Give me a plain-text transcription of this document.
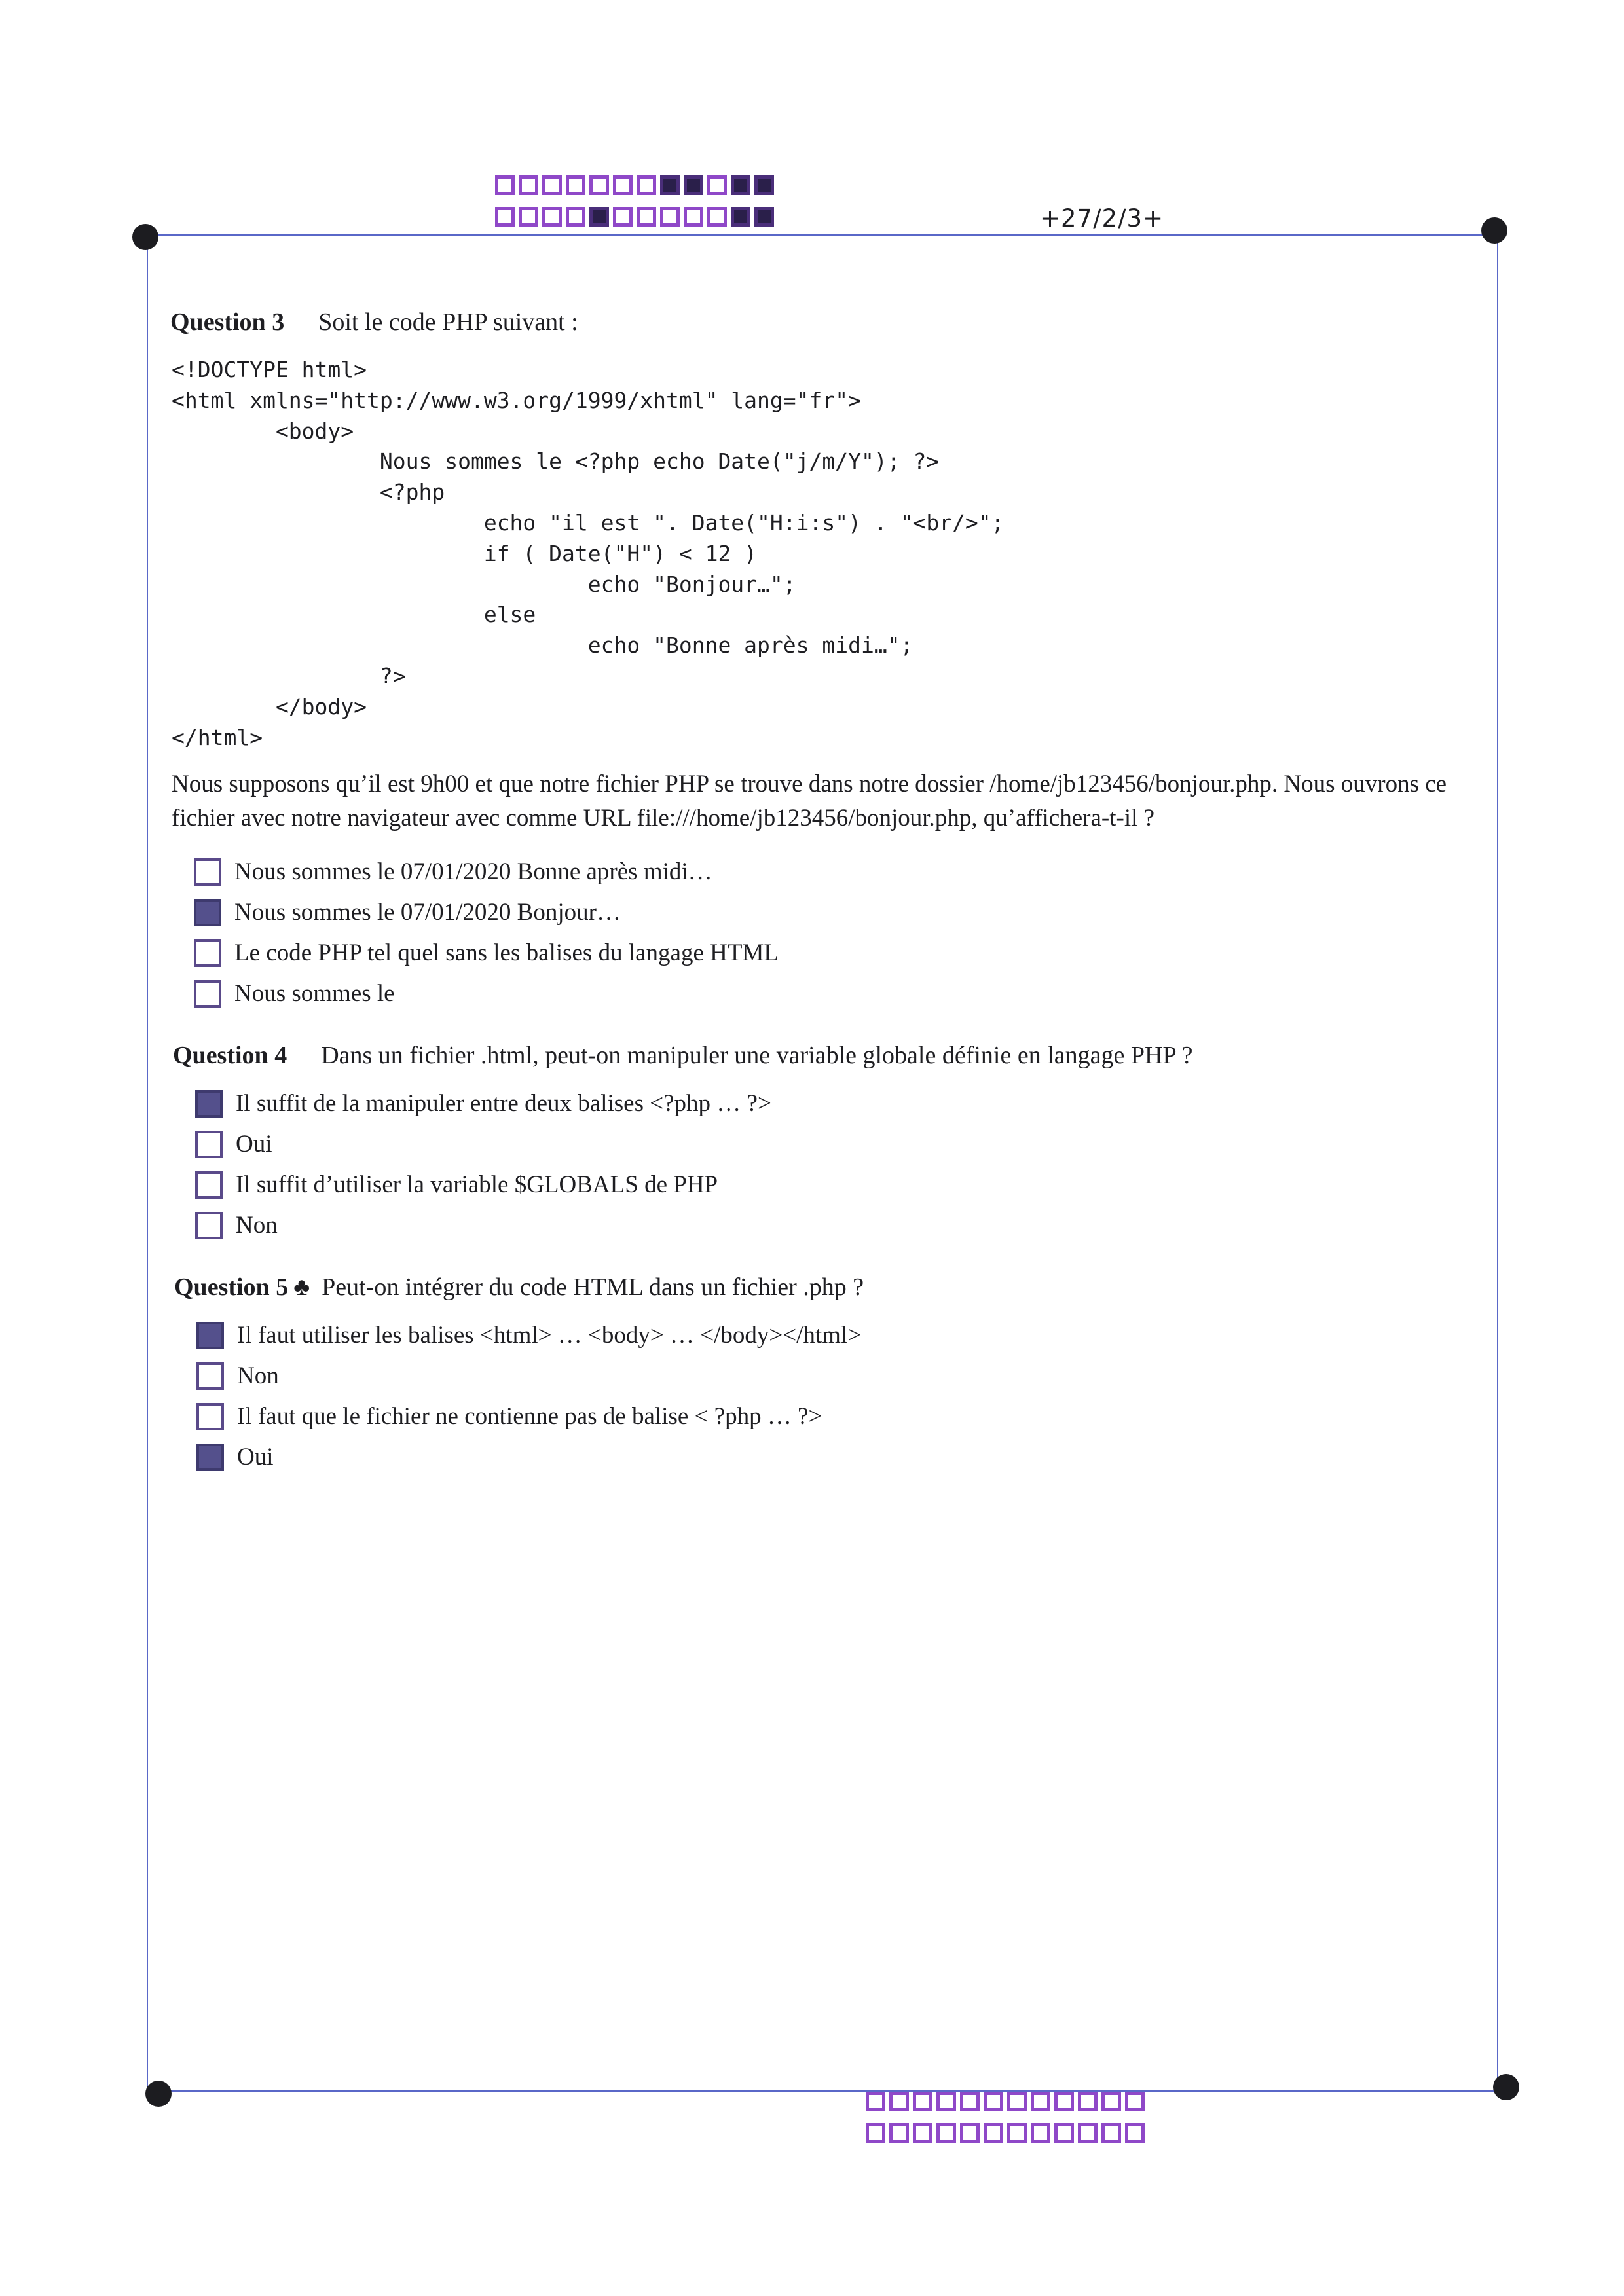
+27/2/3+
Question 3 Soit le code PHP suivant :
<!DOCTYPE html>
<html xmlns="http://www.w3.org/1999/xhtml" lang="fr">
<body>
Nous sommes le <?php echo Date("j/m/Y"); ?>
<?php
echo "il est ". Date("H:i:s") . "<br/>";
if ( Date("H") < 12 )
echo "Bonjour…";
else
echo "Bonne après midi…";
?>
</body>
</html>

Nous supposons qu’il est 9h00 et que notre fichier PHP se trouve dans notre dossier /home/jb123456/bonjour.php. Nous ouvrons ce fichier avec notre navigateur avec comme URL file:///home/jb123456/bonjour.php, qu’affichera-t-il ?

Nous sommes le 07/01/2020 Bonne après midi…
Nous sommes le 07/01/2020 Bonjour…
Le code PHP tel quel sans les balises du langage HTML
Nous sommes le
Question 4 Dans un fichier .html, peut-on manipuler une variable globale définie en langage PHP ?
Il suffit de la manipuler entre deux balises <?php … ?>
Oui
Il suffit d’utiliser la variable $GLOBALS de PHP
Non
Question 5 ♣ Peut-on intégrer du code HTML dans un fichier .php ?
Il faut utiliser les balises <html> … <body> … </body></html>
Non
Il faut que le fichier ne contienne pas de balise < ?php … ?>
Oui
